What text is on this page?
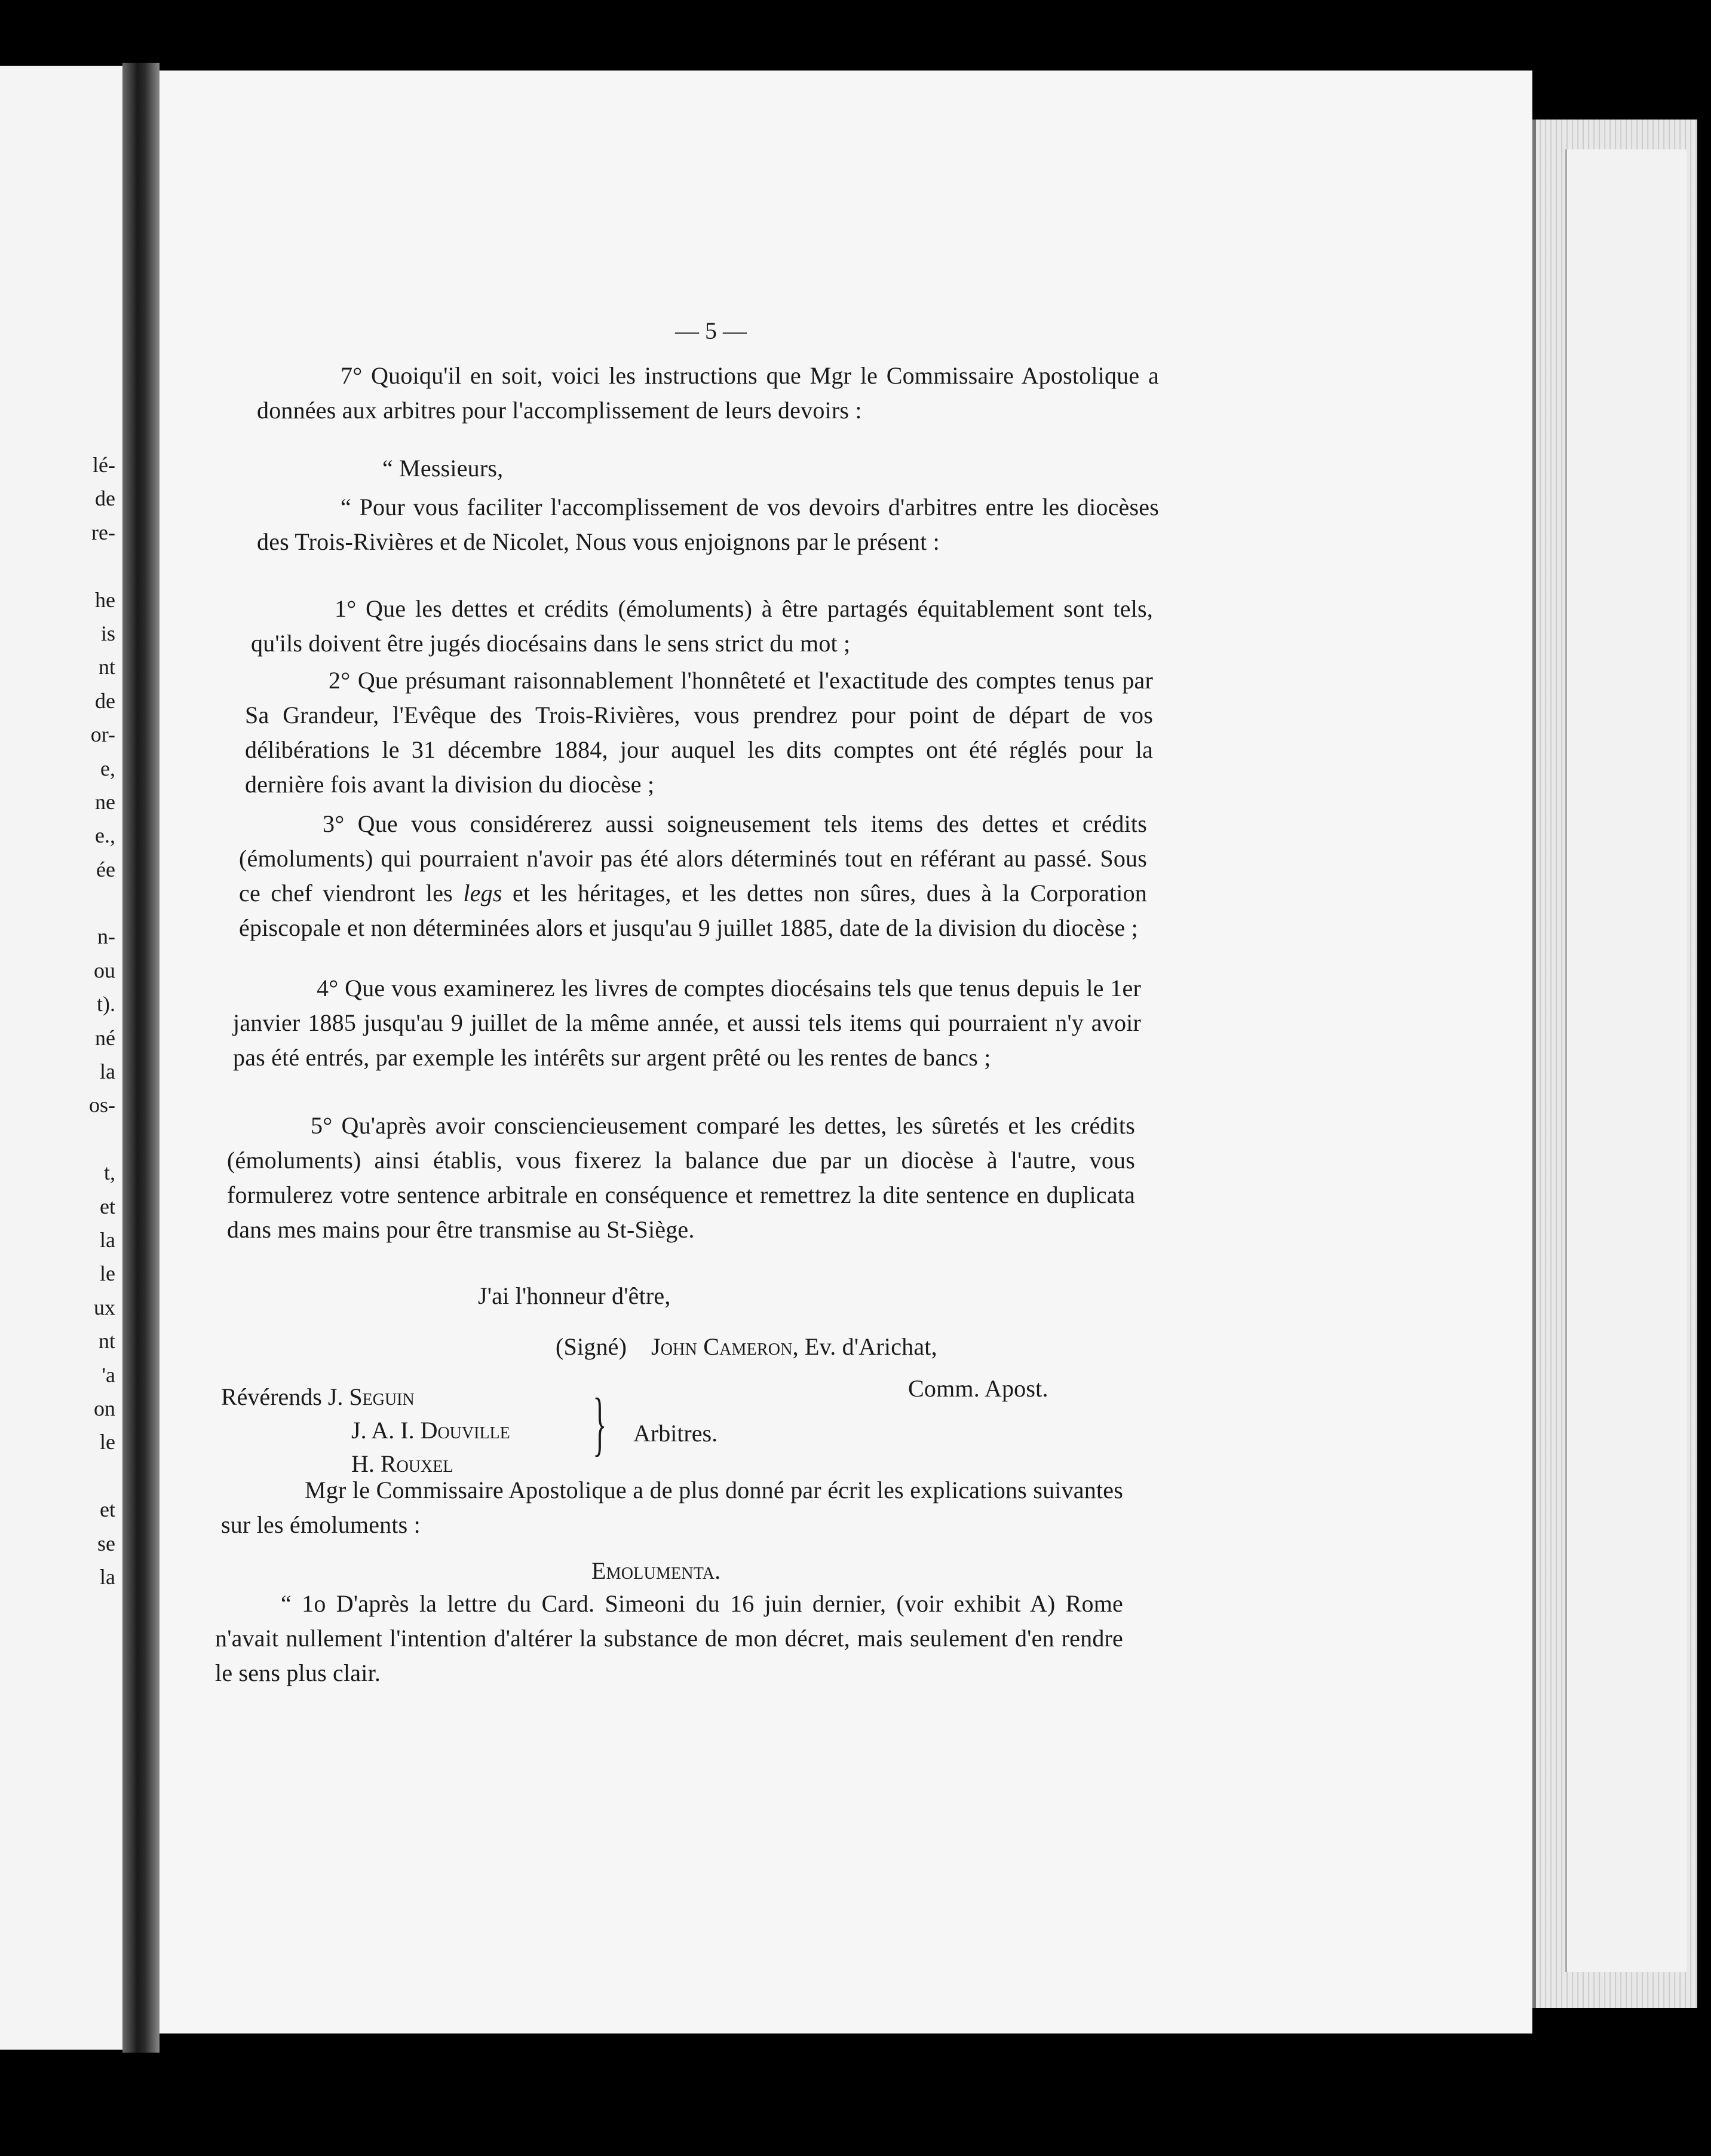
lé-
de
re-
he
is
nt
de
or-
e,
ne
e.,
ée
n-
ou
t).
né
la
os-
t,
et
la
le
ux
nt
'a
on
le
et
se
la
— 5 —
7° Quoiqu'il en soit, voici les instructions que Mgr le Commissaire Apostolique a données aux arbitres pour l'accomplissement de leurs devoirs :
“ Messieurs,
“ Pour vous faciliter l'accomplissement de vos devoirs d'arbitres entre les diocèses des Trois-Rivières et de Nicolet, Nous vous enjoignons par le présent :
1° Que les dettes et crédits (émoluments) à être partagés équitablement sont tels, qu'ils doivent être jugés diocésains dans le sens strict du mot ;
2° Que présumant raisonnablement l'honnêteté et l'exactitude des comptes tenus par Sa Grandeur, l'Evêque des Trois-Rivières, vous prendrez pour point de départ de vos délibérations le 31 décembre 1884, jour auquel les dits comptes ont été réglés pour la dernière fois avant la division du diocèse ;
3° Que vous considérerez aussi soigneusement tels items des dettes et crédits (émoluments) qui pourraient n'avoir pas été alors déterminés tout en référant au passé. Sous ce chef viendront les legs et les héritages, et les dettes non sûres, dues à la Corporation épiscopale et non déterminées alors et jusqu'au 9 juillet 1885, date de la division du diocèse ;
4° Que vous examinerez les livres de comptes diocésains tels que tenus depuis le 1er janvier 1885 jusqu'au 9 juillet de la même année, et aussi tels items qui pourraient n'y avoir pas été entrés, par exemple les intérêts sur argent prêté ou les rentes de bancs ;
5° Qu'après avoir consciencieusement comparé les dettes, les sûretés et les crédits (émoluments) ainsi établis, vous fixerez la balance due par un diocèse à l'autre, vous formulerez votre sentence arbitrale en conséquence et remettrez la dite sentence en duplicata dans mes mains pour être transmise au St-Siège.
J'ai l'honneur d'être,
(Signé) John Cameron, Ev. d'Arichat,
Comm. Apost.
Révérends J. Seguin
J. A. I. Douville
H. Rouxel
} Arbitres.
Mgr le Commissaire Apostolique a de plus donné par écrit les explications suivantes sur les émoluments :
Emolumenta.
“ 1o D'après la lettre du Card. Simeoni du 16 juin dernier, (voir exhibit A) Rome n'avait nullement l'intention d'altérer la substance de mon décret, mais seulement d'en rendre le sens plus clair.
